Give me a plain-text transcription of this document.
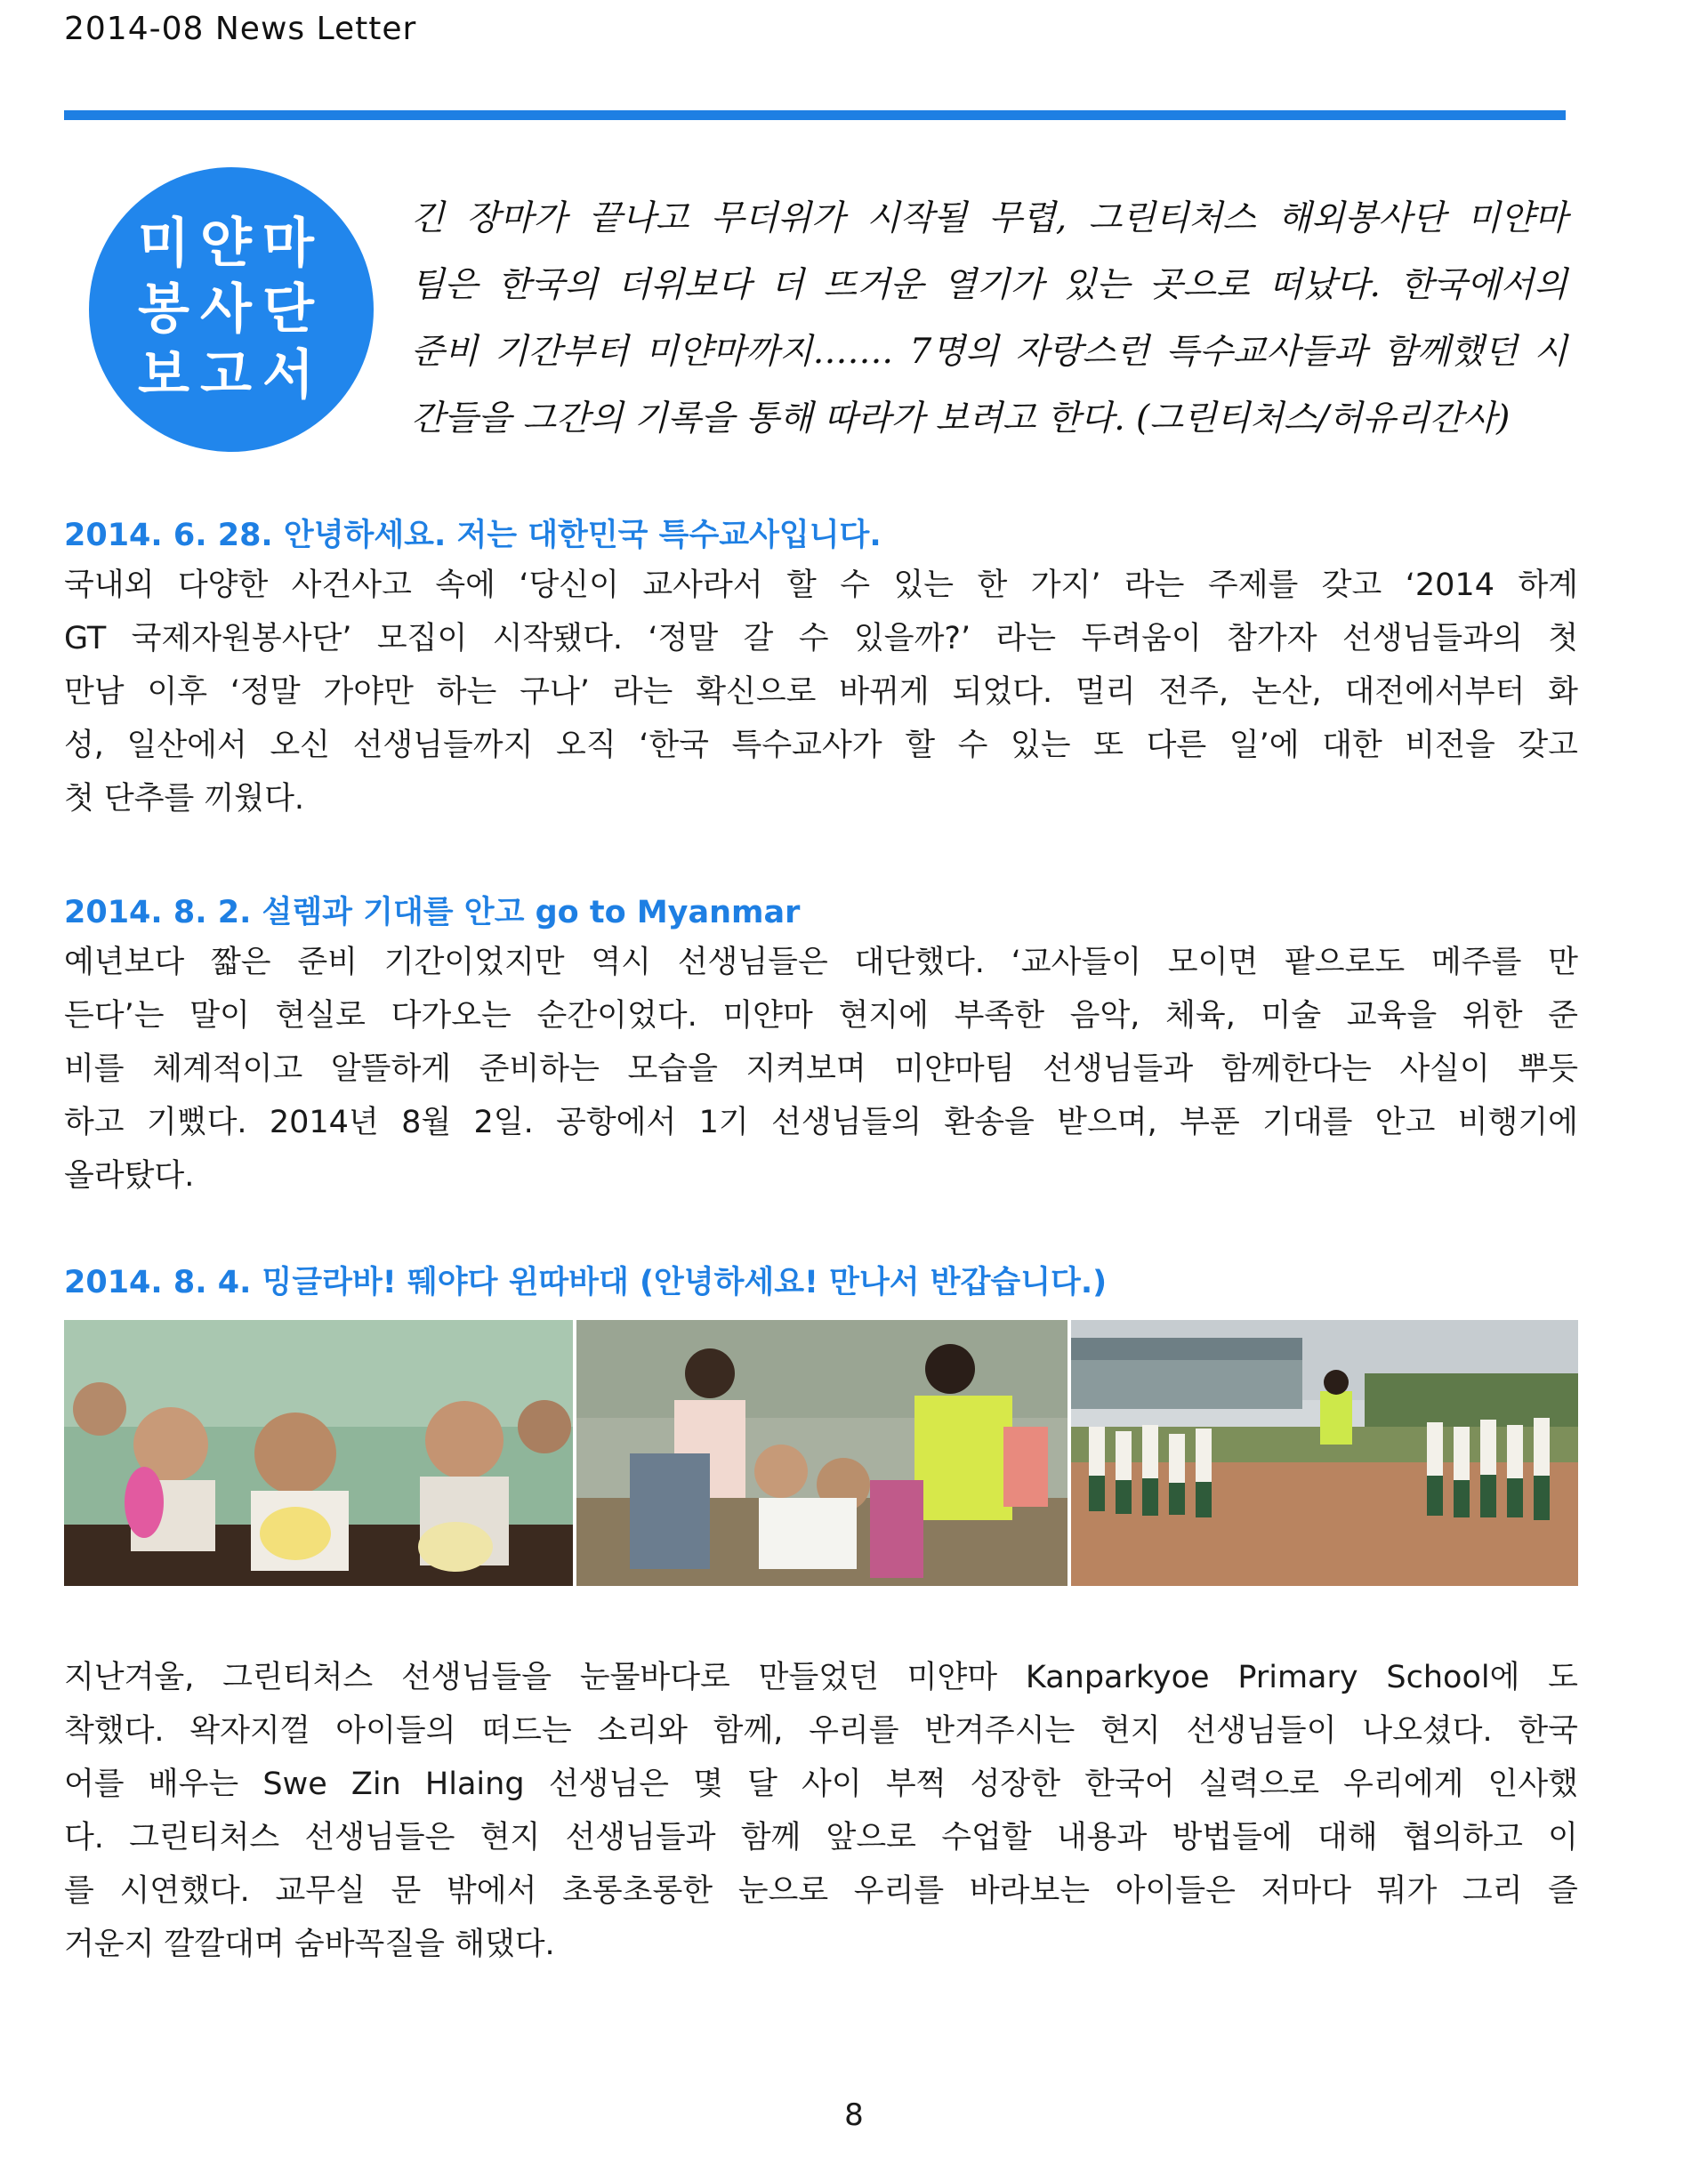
2014-08 News Letter
미얀마
봉사단
보고서
긴 장마가 끝나고 무더위가 시작될 무렵, 그린티처스 해외봉사단 미얀마
팀은 한국의 더위보다 더 뜨거운 열기가 있는 곳으로 떠났다. 한국에서의
준비 기간부터 미얀마까지……. 7명의 자랑스런 특수교사들과 함께했던 시
간들을 그간의 기록을 통해 따라가 보려고 한다. (그린티처스/허유리간사)
2014. 6. 28. 안녕하세요. 저는 대한민국 특수교사입니다.
국내외 다양한 사건사고 속에 ‘당신이 교사라서 할 수 있는 한 가지’ 라는 주제를 갖고 ‘2014 하계
GT 국제자원봉사단’ 모집이 시작됐다. ‘정말 갈 수 있을까?’ 라는 두려움이 참가자 선생님들과의 첫
만남 이후 ‘정말 가야만 하는 구나’ 라는 확신으로 바뀌게 되었다. 멀리 전주, 논산, 대전에서부터 화
성, 일산에서 오신 선생님들까지 오직 ‘한국 특수교사가 할 수 있는 또 다른 일’에 대한 비전을 갖고
첫 단추를 끼웠다.
2014. 8. 2. 설렘과 기대를 안고 go to Myanmar
예년보다 짧은 준비 기간이었지만 역시 선생님들은 대단했다. ‘교사들이 모이면 팥으로도 메주를 만
든다’는 말이 현실로 다가오는 순간이었다. 미얀마 현지에 부족한 음악, 체육, 미술 교육을 위한 준
비를 체계적이고 알뜰하게 준비하는 모습을 지켜보며 미얀마팀 선생님들과 함께한다는 사실이 뿌듯
하고 기뻤다. 2014년 8월 2일. 공항에서 1기 선생님들의 환송을 받으며, 부푼 기대를 안고 비행기에
올라탔다.
2014. 8. 4. 밍글라바! 뛔야다 윈따바대 (안녕하세요! 만나서 반갑습니다.)
지난겨울, 그린티처스 선생님들을 눈물바다로 만들었던 미얀마 Kanparkyoe Primary School에 도
착했다. 왁자지껄 아이들의 떠드는 소리와 함께, 우리를 반겨주시는 현지 선생님들이 나오셨다. 한국
어를 배우는 Swe Zin Hlaing 선생님은 몇 달 사이 부쩍 성장한 한국어 실력으로 우리에게 인사했
다. 그린티처스 선생님들은 현지 선생님들과 함께 앞으로 수업할 내용과 방법들에 대해 협의하고 이
를 시연했다. 교무실 문 밖에서 초롱초롱한 눈으로 우리를 바라보는 아이들은 저마다 뭐가 그리 즐
거운지 깔깔대며 숨바꼭질을 해댔다.
8
